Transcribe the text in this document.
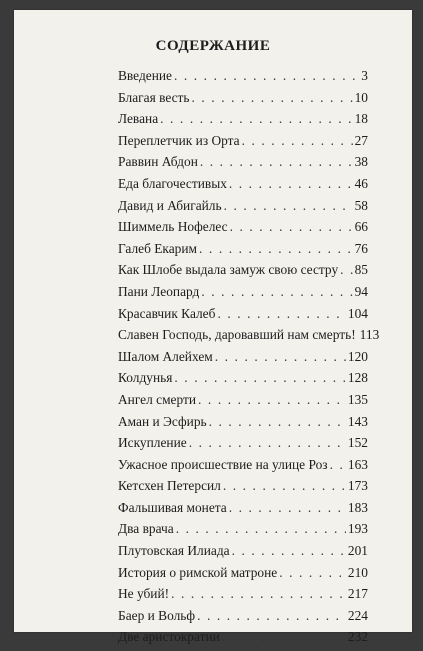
СОДЕРЖАНИЕ
Введение . . .	3
Благая весть . . .	10
Левана . . .	18
Переплетчик из Орта . . .	27
Раввин Абдон . . .	38
Еда благочестивых . . .	46
Давид и Абигайль . . .	58
Шиммель Нофелес . . .	66
Галеб Екарим . . .	76
Как Шлобе выдала замуж свою сестру . . . 85
Пани Леопард . . .	94
Красавчик Калеб . . .	104
Славен Господь, даровавший нам смерть! 113
Шалом Алейхем . . .	120
Колдунья . . .	128
Ангел смерти . . .	135
Аман и Эсфирь . . .	143
Искупление . . .	152
Ужасное происшествие на улице Роз . . . 163
Кетсхен Петерсил . . .	173
Фальшивая монета . . .	183
Два врача . . .	193
Плутовская Илиада . . .	201
История о римской матроне . . .	210
Не убий! . . .	217
Баер и Вольф . . .	224
Две аристократии . . .	232
